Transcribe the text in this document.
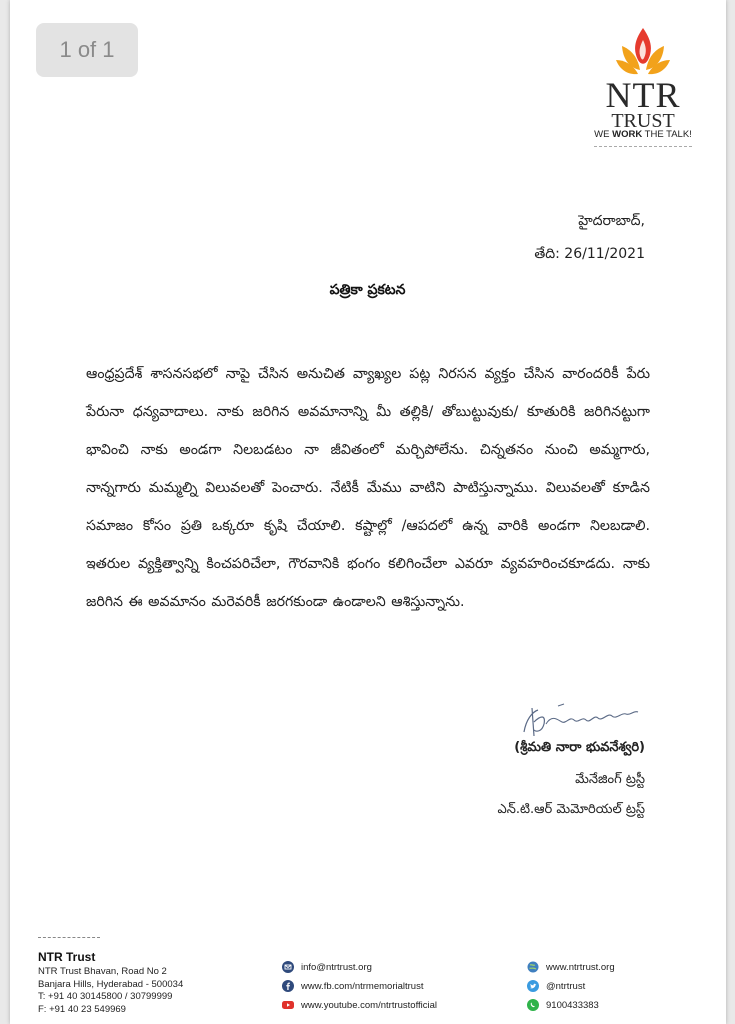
1 of 1
NTR
TRUST
WE WORK THE TALK!
హైదరాబాద్,
తేది: 26/11/2021
పత్రికా ప్రకటన
ఆంధ్రప్రదేశ్ శాసనసభలో నాపై చేసిన అనుచిత వ్యాఖ్యల పట్ల నిరసన వ్యక్తం చేసిన వారందరికీ పేరు పేరునా ధన్యవాదాలు. నాకు జరిగిన అవమానాన్ని మీ తల్లికి/ తోబుట్టువుకు/ కూతురికి జరిగినట్టుగా భావించి నాకు అండగా నిలబడటం నా జీవితంలో మర్చిపోలేను. చిన్నతనం నుంచి అమ్మగారు, నాన్నగారు మమ్మల్ని విలువలతో పెంచారు. నేటికీ మేము వాటిని పాటిస్తున్నాము. విలువలతో కూడిన సమాజం కోసం ప్రతి ఒక్కరూ కృషి చేయాలి. కష్టాల్లో /ఆపదలో ఉన్న వారికి అండగా నిలబడాలి. ఇతరుల వ్యక్తిత్వాన్ని కించపరిచేలా, గౌరవానికి భంగం కలిగించేలా ఎవరూ వ్యవహరించకూడదు. నాకు జరిగిన ఈ అవమానం మరెవరికీ జరగకుండా ఉండాలని ఆశిస్తున్నాను.
(శ్రీమతి నారా భువనేశ్వరి)
మేనేజింగ్ ట్రస్టీ
ఎన్.టి.ఆర్ మెమోరియల్ ట్రస్ట్
NTR Trust
NTR Trust Bhavan, Road No 2
Banjara Hills, Hyderabad - 500034
T: +91 40 30145800 / 30799999
F: +91 40 23 549969
info@ntrtrust.org
www.fb.com/ntrmemorialtrust
www.youtube.com/ntrtrustofficial
www.ntrtrust.org
@ntrtrust
9100433383
